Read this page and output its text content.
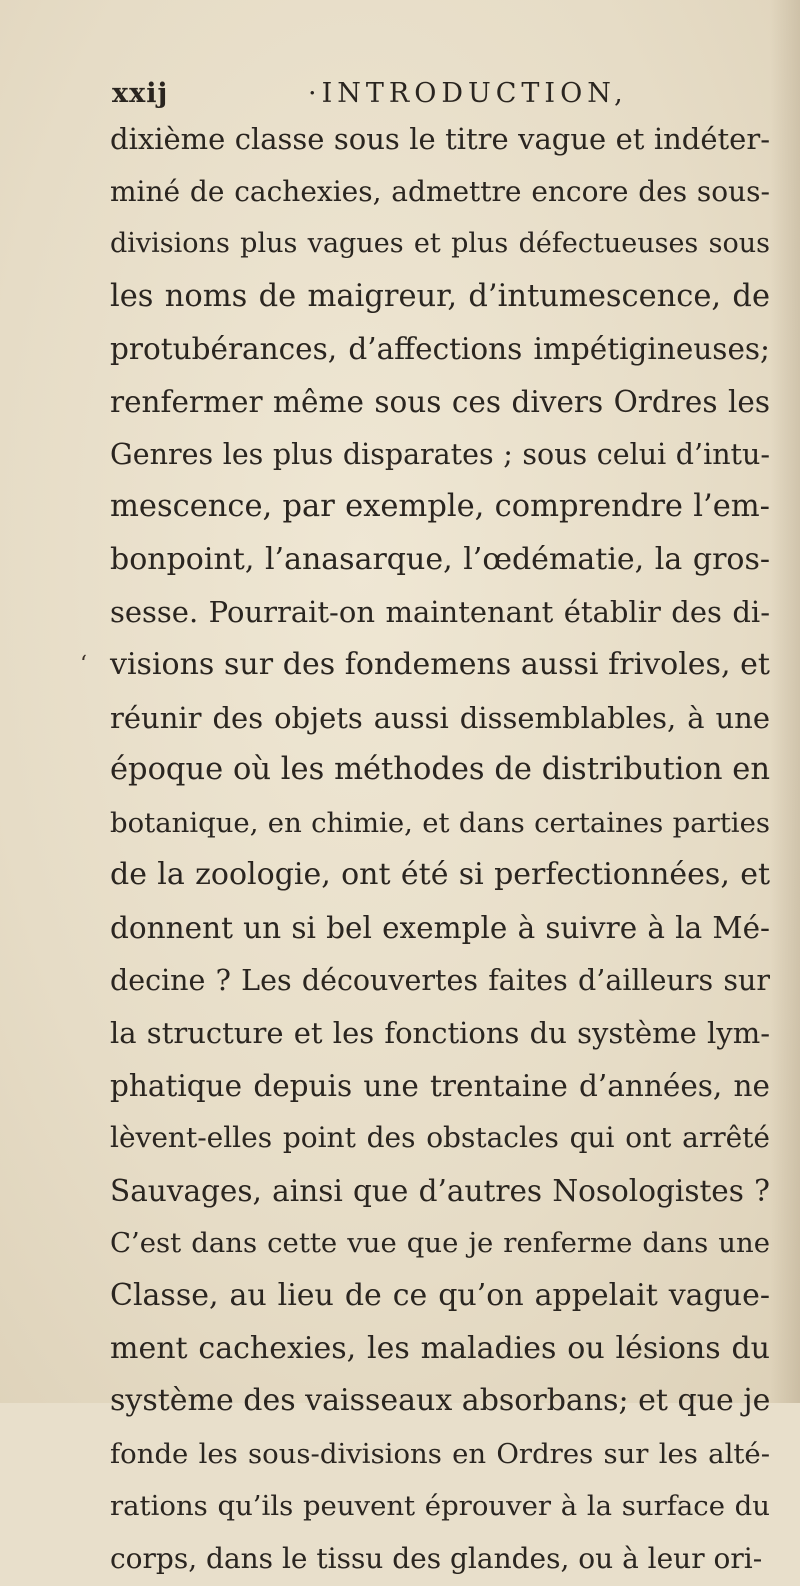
xxij	·INTRODUCTION,
‘
dixième classe sous le titre vague et indéter-
miné de cachexies, admettre encore des sous-
divisions plus vagues et plus défectueuses sous
les noms de maigreur, d’intumescence, de
protubérances, d’affections impétigineuses;
renfermer même sous ces divers Ordres les
Genres les plus disparates ; sous celui d’intu-
mescence, par exemple, comprendre l’em-
bonpoint, l’anasarque, l’œdématie, la gros-
sesse. Pourrait-on maintenant établir des di-
visions sur des fondemens aussi frivoles, et
réunir des objets aussi dissemblables, à une
époque où les méthodes de distribution en
botanique, en chimie, et dans certaines parties
de la zoologie, ont été si perfectionnées, et
donnent un si bel exemple à suivre à la Mé-
decine ? Les découvertes faites d’ailleurs sur
la structure et les fonctions du système lym-
phatique depuis une trentaine d’années, ne
lèvent-elles point des obstacles qui ont arrêté
Sauvages, ainsi que d’autres Nosologistes ?
C’est dans cette vue que je renferme dans une
Classe, au lieu de ce qu’on appelait vague-
ment cachexies, les maladies ou lésions du
système des vaisseaux absorbans; et que je
fonde les sous-divisions en Ordres sur les alté-
rations qu’ils peuvent éprouver à la surface du
corps, dans le tissu des glandes, ou à leur ori-
